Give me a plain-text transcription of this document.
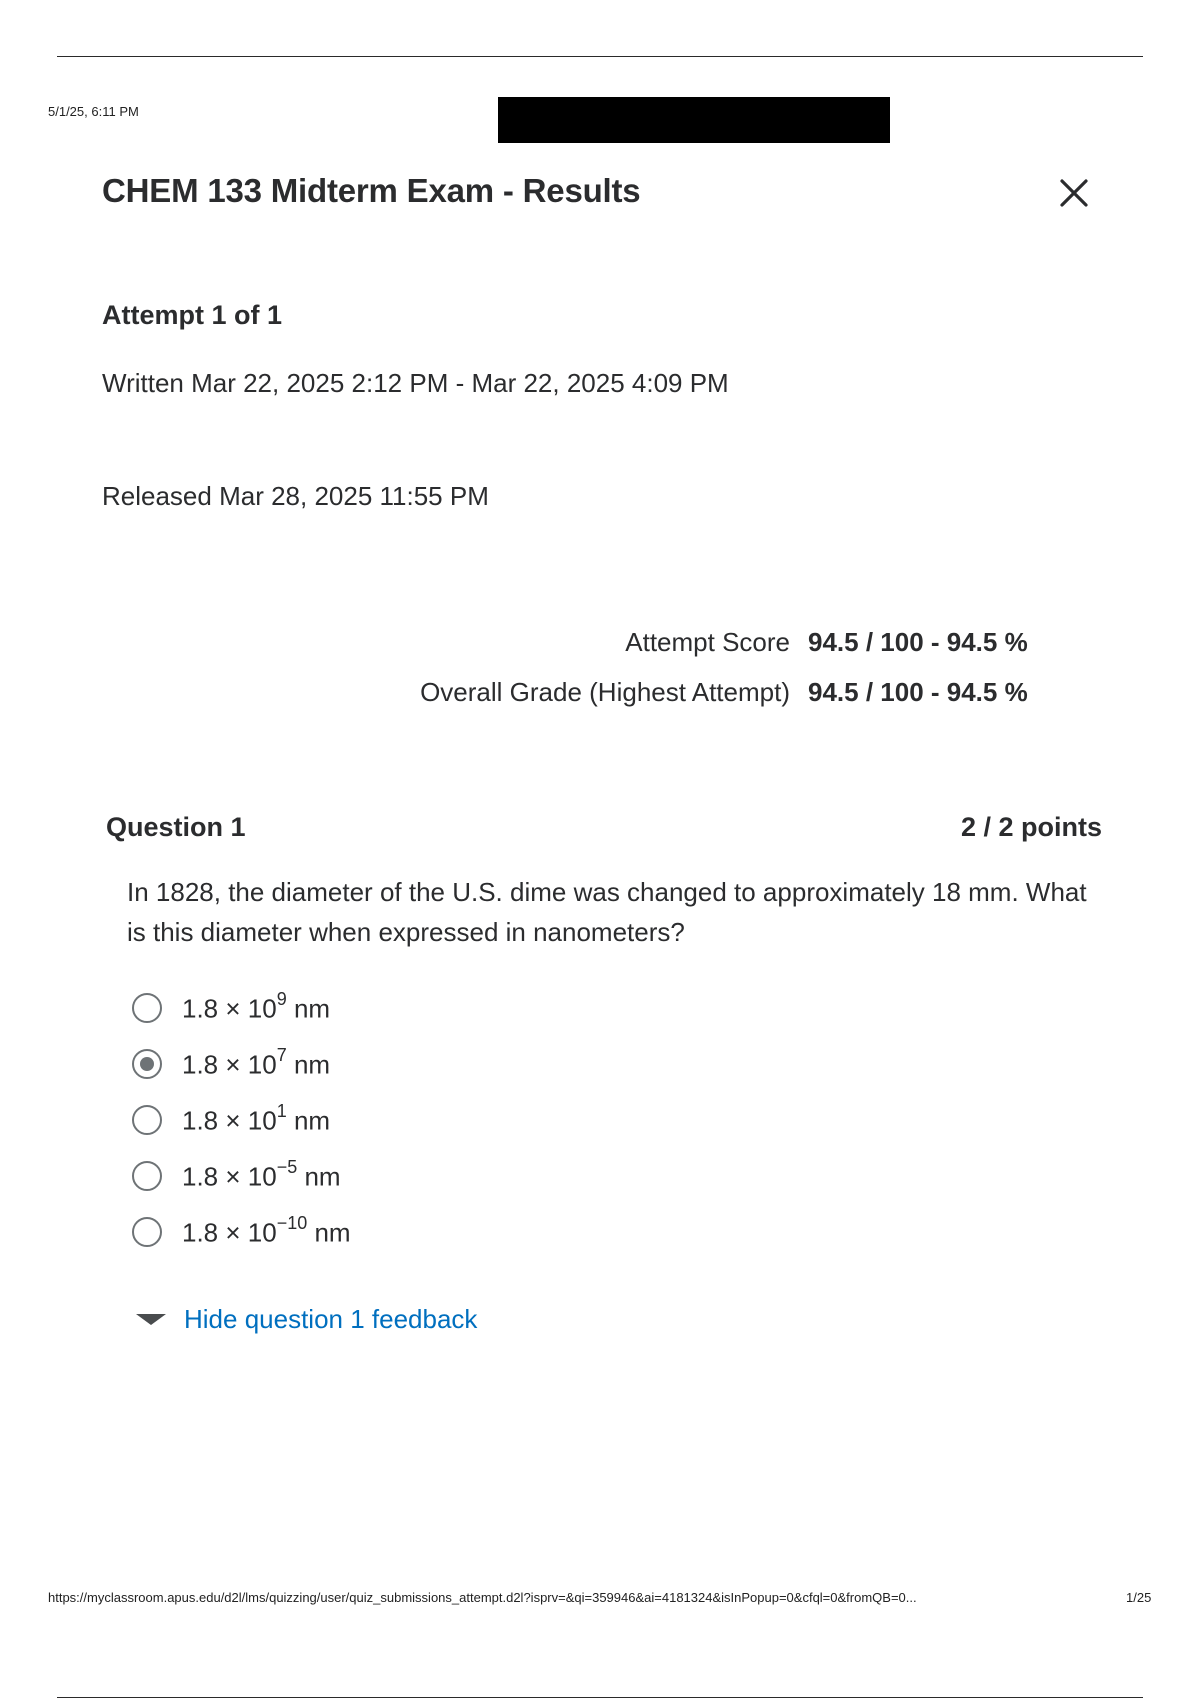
5/1/25, 6:11 PM
CHEM 133 Midterm Exam - Results
Attempt 1 of 1
Written Mar 22, 2025 2:12 PM - Mar 22, 2025 4:09 PM
Released Mar 28, 2025 11:55 PM
Attempt Score	94.5 / 100 - 94.5 %
Overall Grade (Highest Attempt)	94.5 / 100 - 94.5 %
Question 1	2 / 2 points

In 1828, the diameter of the U.S. dime was changed to approximately 18 mm. What is this diameter when expressed in nanometers?

$1.8 \times 10^9$ nm
$1.8 \times 10^7$ nm
$1.8 \times 10^1$ nm
$1.8 \times 10^{-5}$ nm
$1.8 \times 10^{-10}$ nm
Hide question 1 feedback
https://myclassroom.apus.edu/d2l/lms/quizzing/user/quiz_submissions_attempt.d2l?isprv=&qi=359946&ai=4181324&isInPopup=0&cfql=0&fromQB=0...	1/25
